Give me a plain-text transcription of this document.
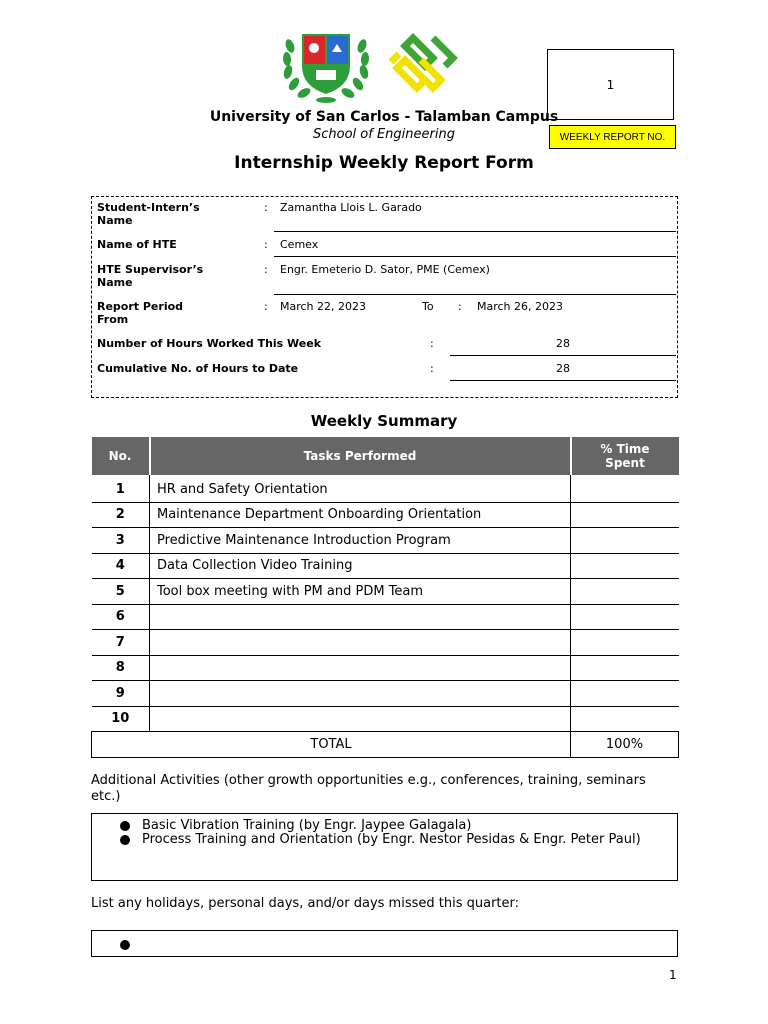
1
WEEKLY REPORT NO.
University of San Carlos - Talamban Campus
School of Engineering
Internship Weekly Report Form
Student-Intern’s
Name
: Zamantha Llois L. Garado
Name of HTE	: Cemex
HTE Supervisor’s
Name
: Engr. Emeterio D. Sator, PME (Cemex)
Report Period
From
: March 22, 2023	To : March 26, 2023
Number of Hours Worked This Week	:	28
Cumulative No. of Hours to Date	:	28
Weekly Summary
No.	Tasks Performed	% Time
Spent
1	HR and Safety Orientation	
2	Maintenance Department Onboarding Orientation	
3	Predictive Maintenance Introduction Program	
4	Data Collection Video Training	
5	Tool box meeting with PM and PDM Team	
6		
7		
8		
9		
10		
TOTAL		100%
Additional Activities (other growth opportunities e.g., conferences, training, seminars etc.)
Basic Vibration Training (by Engr. Jaypee Galagala)
Process Training and Orientation (by Engr. Nestor Pesidas & Engr. Peter Paul)
List any holidays, personal days, and/or days missed this quarter:
1
